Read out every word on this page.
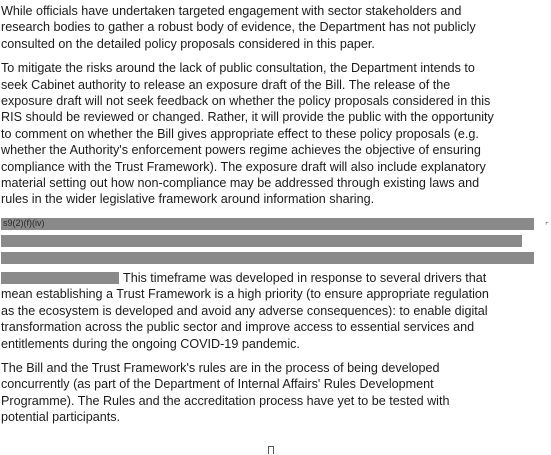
While officials have undertaken targeted engagement with sector stakeholders and
research bodies to gather a robust body of evidence, the Department has not publicly
consulted on the detailed policy proposals considered in this paper.

To mitigate the risks around the lack of public consultation, the Department intends to
seek Cabinet authority to release an exposure draft of the Bill. The release of the
exposure draft will not seek feedback on whether the policy proposals considered in this
RIS should be reviewed or changed. Rather, it will provide the public with the opportunity
to comment on whether the Bill gives appropriate effect to these policy proposals (e.g.
whether the Authority's enforcement powers regime achieves the objective of ensuring
compliance with the Trust Framework). The exposure draft will also include explanatory
material setting out how non-compliance may be addressed through existing laws and
rules in the wider legislative framework around information sharing.

s9(2)(f)(iv)

This timeframe was developed in response to several drivers that
mean establishing a Trust Framework is a high priority (to ensure appropriate regulation
as the ecosystem is developed and avoid any adverse consequences): to enable digital
transformation across the public sector and improve access to essential services and
entitlements during the ongoing COVID-19 pandemic.

The Bill and the Trust Framework's rules are in the process of being developed
concurrently (as part of the Department of Internal Affairs' Rules Development
Programme). The Rules and the accreditation process have yet to be tested with
potential participants.

⌜
